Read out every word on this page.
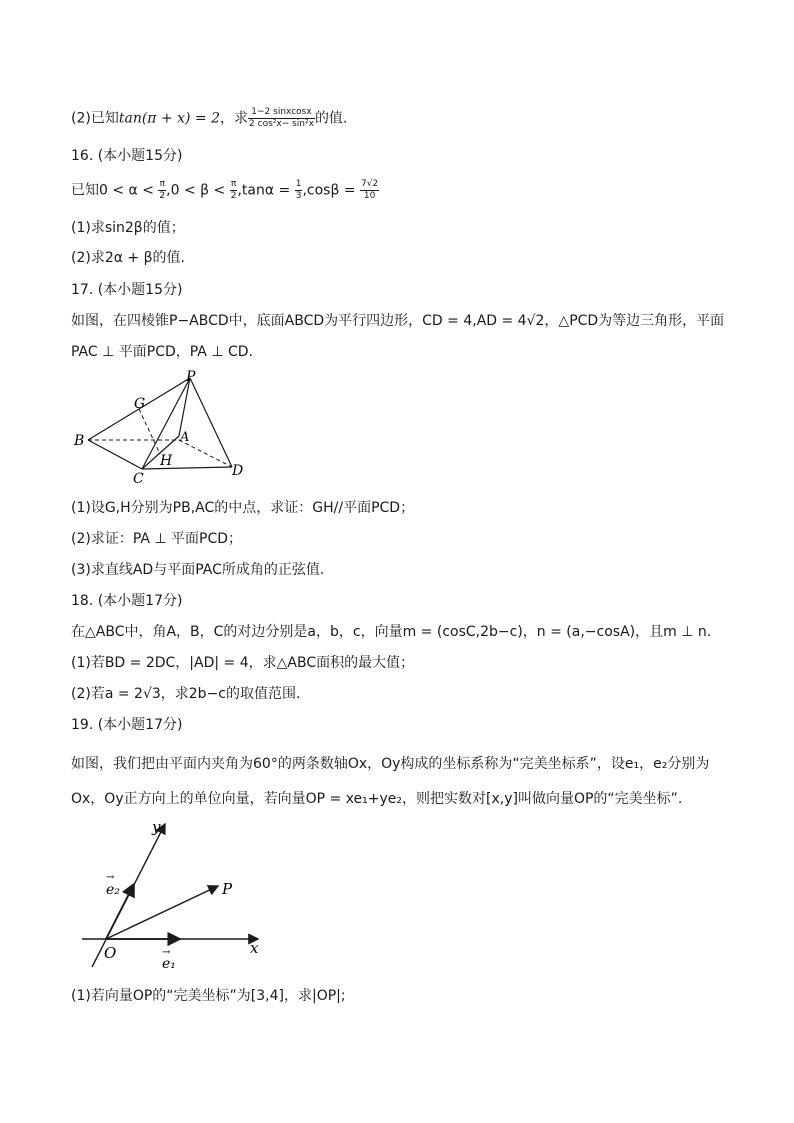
(2)已知tan(π + x) = 2，求 $\frac{\text{1−2 sinxcosx}}{\text{2 cos²x− sin²x}}$ 的值.
16. (本小题15分)
已知$0 < \alpha < \frac{\pi}{2} ,0 < \beta < \frac{\pi}{2} ,\tan\alpha = \frac{1}{3} ,\cos\beta = \frac{7√2}{10}$
(1)求sin2β的值；
(2)求2α + β的值.
17. (本小题15分)
如图，在四棱锥P−ABCD中，底面ABCD为平行四边形，CD = 4,AD = 4√2，△PCD为等边三角形，平面
PAC ⊥ 平面PCD，PA ⊥ CD.
P
G
B	A
H
C	D
(1)设G,H分别为PB,AC的中点，求证：GH//平面PCD；
(2)求证：PA ⊥ 平面PCD；
(3)求直线AD与平面PAC所成角的正弦值.
18. (本小题17分)
在△ABC中，角A，B，C的对边分别是a，b，c，向量m = (cosC,2b−c)，n = (a,−cosA)，且m ⊥ n.
(1)若BD = 2DC，|AD| = 4，求△ABC面积的最大值；
(2)若a = 2√3，求2b−c的取值范围.
19. (本小题17分)
如图，我们把由平面内夹角为60°的两条数轴Ox，Oy构成的坐标系称为“完美坐标系”，设e₁，e₂分别为
Ox，Oy正方向上的单位向量，若向量OP = xe₁+ye₂，则把实数对[x,y]叫做向量OP的“完美坐标”.
y
e₂
→
P
O	x
e₁
→
(1)若向量OP的“完美坐标”为[3,4]，求|OP|;
